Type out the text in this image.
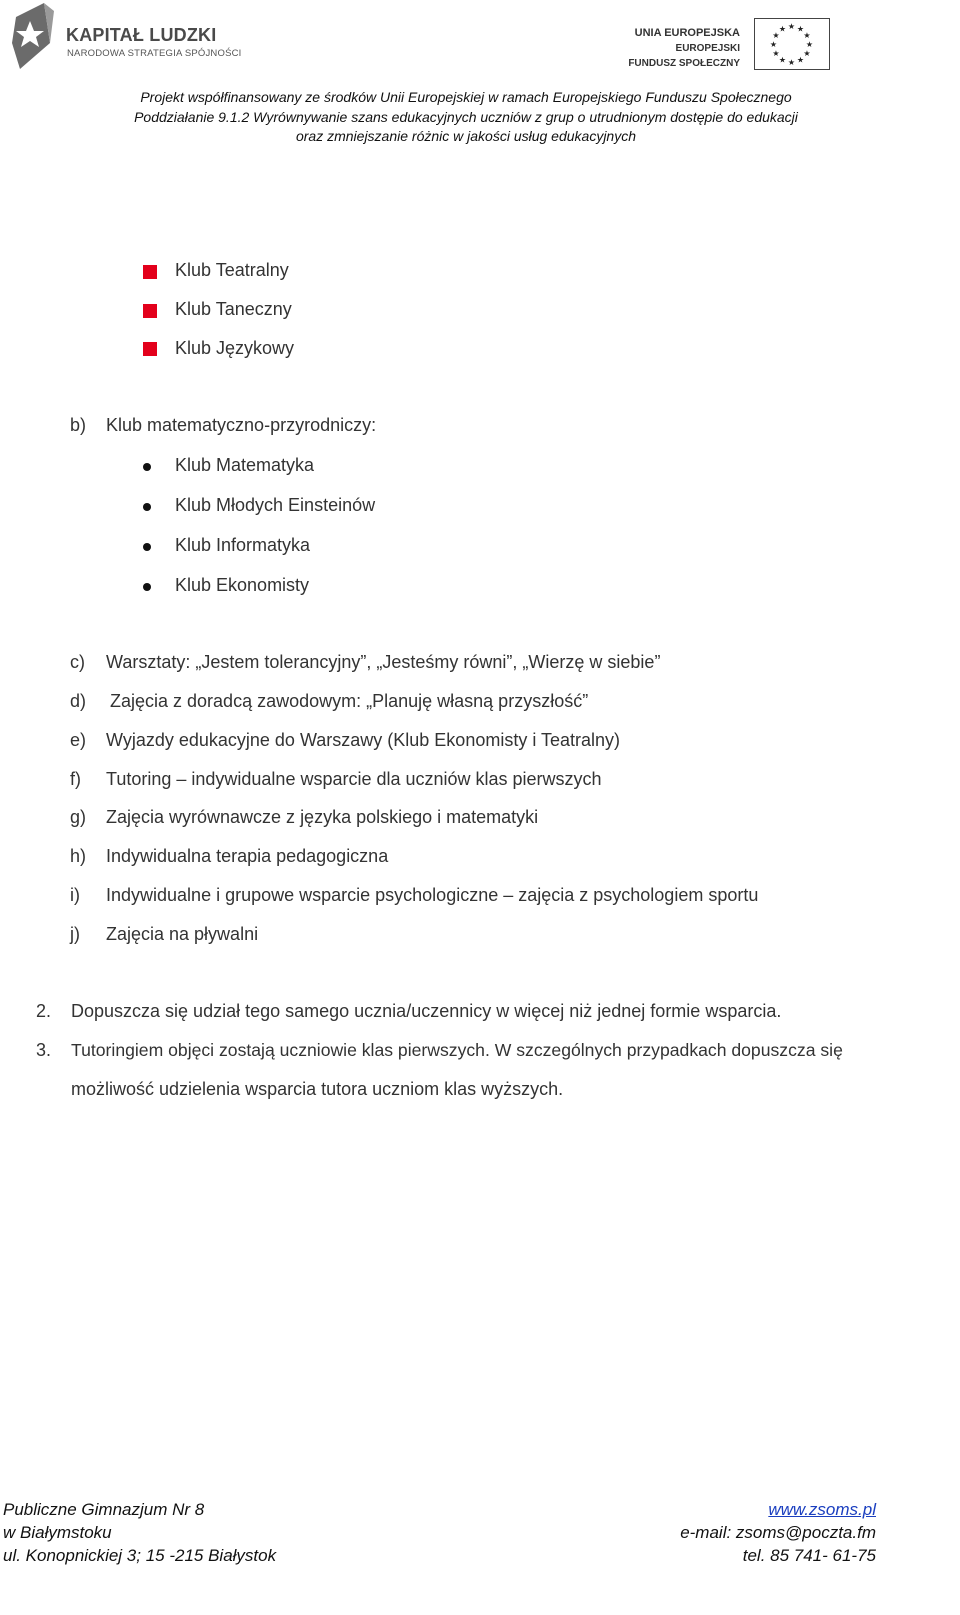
KAPITAŁ LUDZKI
NARODOWA STRATEGIA SPÓJNOŚCI
UNIA EUROPEJSKA
EUROPEJSKI
FUNDUSZ SPOŁECZNY
★ ★
★
★
★
★
★
★
★
★
★
★
Projekt współfinansowany ze środków Unii Europejskiej w ramach Europejskiego Funduszu Społecznego
Poddziałanie 9.1.2 Wyrównywanie szans edukacyjnych uczniów z grup o utrudnionym dostępie do edukacji
oraz zmniejszanie różnic w jakości usług edukacyjnych
Klub Teatralny
Klub Taneczny
Klub Językowy
b) Klub matematyczno-przyrodniczy:
Klub Matematyka
Klub Młodych Einsteinów
Klub Informatyka
Klub Ekonomisty
c) Warsztaty: „Jestem tolerancyjny”, „Jesteśmy równi”, „Wierzę w siebie”
d) Zajęcia z doradcą zawodowym: „Planuję własną przyszłość”
e) Wyjazdy edukacyjne do Warszawy (Klub Ekonomisty i Teatralny)
f) Tutoring – indywidualne wsparcie dla uczniów klas pierwszych
g) Zajęcia wyrównawcze z języka polskiego i matematyki
h) Indywidualna terapia pedagogiczna
i) Indywidualne i grupowe wsparcie psychologiczne – zajęcia z psychologiem sportu
j) Zajęcia na pływalni
2. Dopuszcza się udział tego samego ucznia/uczennicy w więcej niż jednej formie wsparcia.
3. Tutoringiem objęci zostają uczniowie klas pierwszych. W szczególnych przypadkach dopuszcza się
możliwość udzielenia wsparcia tutora uczniom klas wyższych.
Publiczne Gimnazjum Nr 8
w Białymstoku
ul. Konopnickiej 3; 15 -215 Białystok
www.zsoms.pl
e-mail: zsoms@poczta.fm
tel. 85 741- 61-75
